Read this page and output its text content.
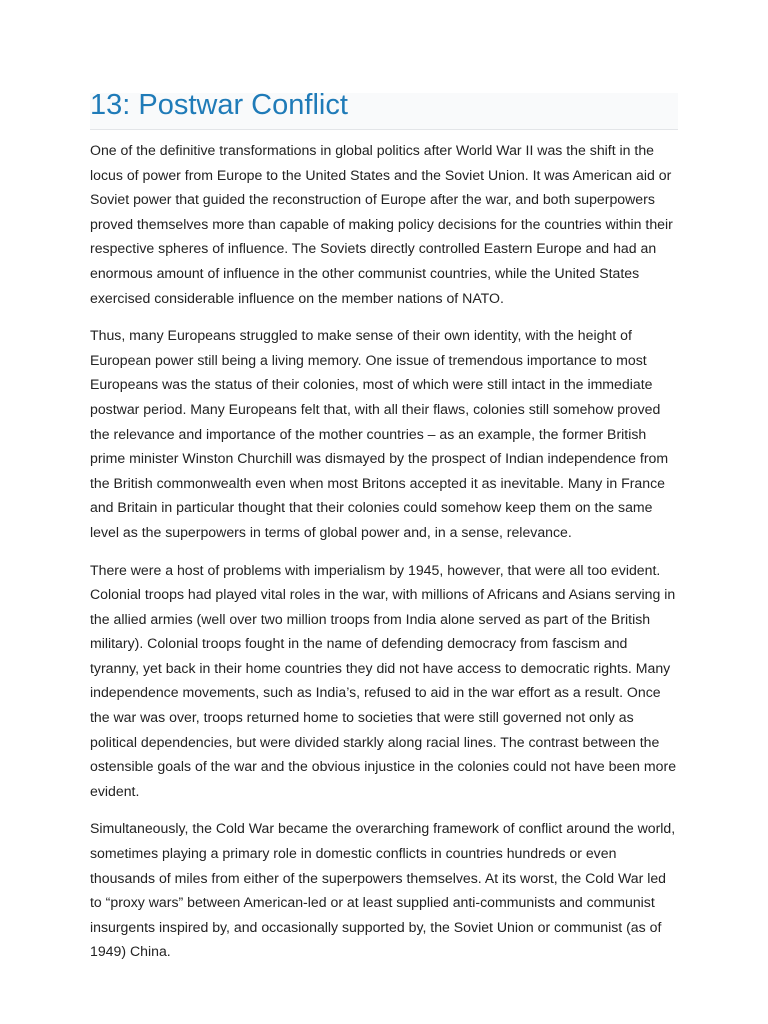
13: Postwar Conflict

One of the definitive transformations in global politics after World War II was the shift in the locus of power from Europe to the United States and the Soviet Union. It was American aid or Soviet power that guided the reconstruction of Europe after the war, and both superpowers proved themselves more than capable of making policy decisions for the countries within their respective spheres of influence. The Soviets directly controlled Eastern Europe and had an enormous amount of influence in the other communist countries, while the United States exercised considerable influence on the member nations of NATO.

Thus, many Europeans struggled to make sense of their own identity, with the height of European power still being a living memory. One issue of tremendous importance to most Europeans was the status of their colonies, most of which were still intact in the immediate postwar period. Many Europeans felt that, with all their flaws, colonies still somehow proved the relevance and importance of the mother countries – as an example, the former British prime minister Winston Churchill was dismayed by the prospect of Indian independence from the British commonwealth even when most Britons accepted it as inevitable. Many in France and Britain in particular thought that their colonies could somehow keep them on the same level as the superpowers in terms of global power and, in a sense, relevance.

There were a host of problems with imperialism by 1945, however, that were all too evident. Colonial troops had played vital roles in the war, with millions of Africans and Asians serving in the allied armies (well over two million troops from India alone served as part of the British military). Colonial troops fought in the name of defending democracy from fascism and tyranny, yet back in their home countries they did not have access to democratic rights. Many independence movements, such as India’s, refused to aid in the war effort as a result. Once the war was over, troops returned home to societies that were still governed not only as political dependencies, but were divided starkly along racial lines. The contrast between the ostensible goals of the war and the obvious injustice in the colonies could not have been more evident.

Simultaneously, the Cold War became the overarching framework of conflict around the world, sometimes playing a primary role in domestic conflicts in countries hundreds or even thousands of miles from either of the superpowers themselves. At its worst, the Cold War led to “proxy wars” between American-led or at least supplied anti-communists and communist insurgents inspired by, and occasionally supported by, the Soviet Union or communist (as of 1949) China.
